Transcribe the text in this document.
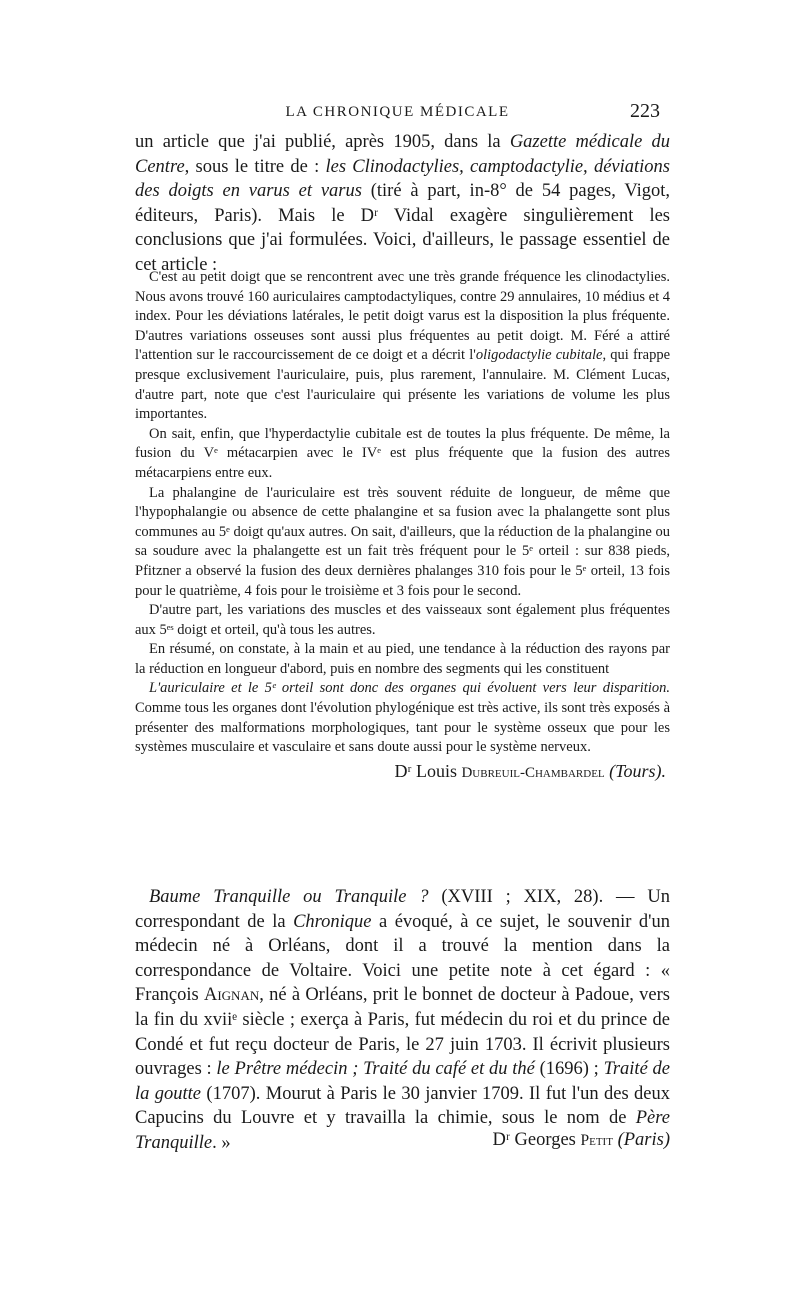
LA CHRONIQUE MÉDICALE	223

un article que j'ai publié, après 1905, dans la Gazette médicale du Centre, sous le titre de : les Clinodactylies, camptodactylie, déviations des doigts en varus et varus (tiré à part, in-8° de 54 pages, Vigot, éditeurs, Paris). Mais le Dʳ Vidal exagère singulièrement les conclusions que j'ai formulées. Voici, d'ailleurs, le passage essentiel de cet article :

C'est au petit doigt que se rencontrent avec une très grande fréquence les clinodactylies. Nous avons trouvé 160 auriculaires camptodactyliques, contre 29 annulaires, 10 médius et 4 index. Pour les déviations latérales, le petit doigt varus est la disposition la plus fréquente. D'autres variations osseuses sont aussi plus fréquentes au petit doigt. M. Féré a attiré l'attention sur le raccourcissement de ce doigt et a décrit l'oligodactylie cubitale, qui frappe presque exclusivement l'auriculaire, puis, plus rarement, l'annulaire. M. Clément Lucas, d'autre part, note que c'est l'auriculaire qui présente les variations de volume les plus importantes.

On sait, enfin, que l'hyperdactylie cubitale est de toutes la plus fréquente. De même, la fusion du Vᵉ métacarpien avec le IVᵉ est plus fréquente que la fusion des autres métacarpiens entre eux.

La phalangine de l'auriculaire est très souvent réduite de longueur, de même que l'hypophalangie ou absence de cette phalangine et sa fusion avec la phalangette sont plus communes au 5ᵉ doigt qu'aux autres. On sait, d'ailleurs, que la réduction de la phalangine ou sa soudure avec la phalangette est un fait très fréquent pour le 5ᵉ orteil : sur 838 pieds, Pfitzner a observé la fusion des deux dernières phalanges 310 fois pour le 5ᵉ orteil, 13 fois pour le quatrième, 4 fois pour le troisième et 3 fois pour le second.

D'autre part, les variations des muscles et des vaisseaux sont également plus fréquentes aux 5ᵉˢ doigt et orteil, qu'à tous les autres.

En résumé, on constate, à la main et au pied, une tendance à la réduction des rayons par la réduction en longueur d'abord, puis en nombre des segments qui les constituent

L'auriculaire et le 5ᵉ orteil sont donc des organes qui évoluent vers leur disparition. Comme tous les organes dont l'évolution phylogénique est très active, ils sont très exposés à présenter des malformations morphologiques, tant pour le système osseux que pour les systèmes musculaire et vasculaire et sans doute aussi pour le système nerveux.

Dʳ Louis Dubreuil-Chambardel (Tours).

Baume Tranquille ou Tranquile ? (XVIII ; XIX, 28). — Un correspondant de la Chronique a évoqué, à ce sujet, le souvenir d'un médecin né à Orléans, dont il a trouvé la mention dans la correspondance de Voltaire. Voici une petite note à cet égard : « François Aignan, né à Orléans, prit le bonnet de docteur à Padoue, vers la fin du xviiᵉ siècle ; exerça à Paris, fut médecin du roi et du prince de Condé et fut reçu docteur de Paris, le 27 juin 1703. Il écrivit plusieurs ouvrages : le Prêtre médecin ; Traité du café et du thé (1696) ; Traité de la goutte (1707). Mourut à Paris le 30 janvier 1709. Il fut l'un des deux Capucins du Louvre et y travailla la chimie, sous le nom de Père Tranquille. »	Dʳ Georges Petit (Paris)
